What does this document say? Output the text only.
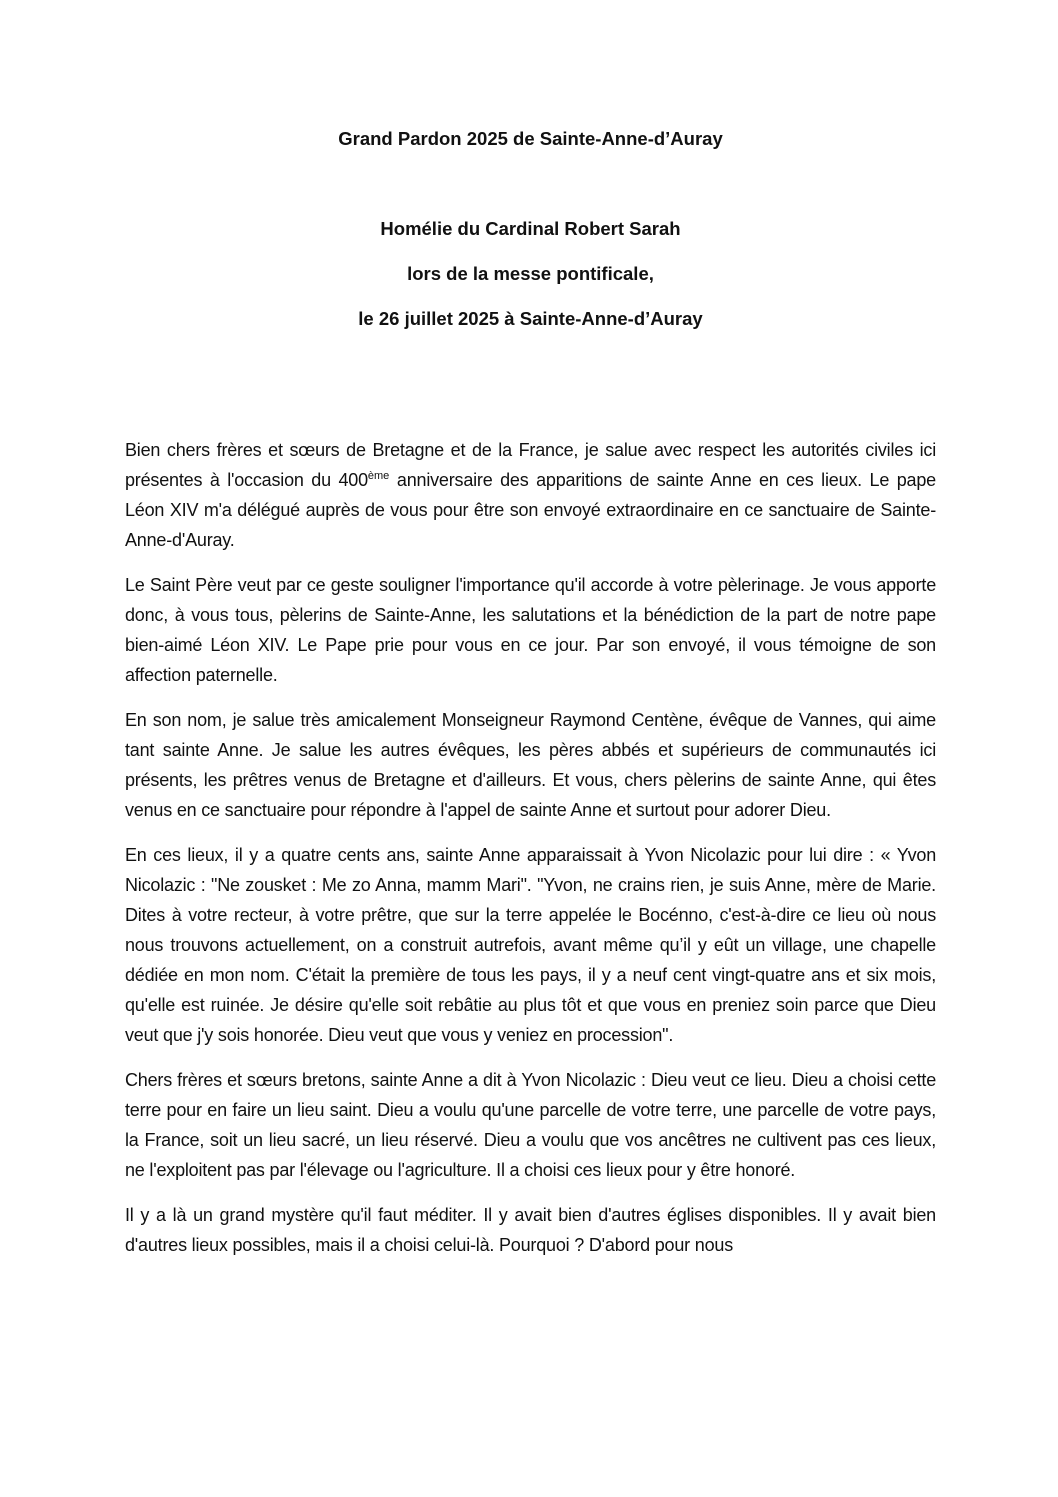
Grand Pardon 2025 de Sainte-Anne-d’Auray

Homélie du Cardinal Robert Sarah

lors de la messe pontificale,

le 26 juillet 2025 à Sainte-Anne-d’Auray

Bien chers frères et sœurs de Bretagne et de la France, je salue avec respect les autorités civiles ici présentes à l'occasion du 400ème anniversaire des apparitions de sainte Anne en ces lieux. Le pape Léon XIV m'a délégué auprès de vous pour être son envoyé extraordinaire en ce sanctuaire de Sainte-Anne-d'Auray.

Le Saint Père veut par ce geste souligner l'importance qu'il accorde à votre pèlerinage. Je vous apporte donc, à vous tous, pèlerins de Sainte-Anne, les salutations et la bénédiction de la part de notre pape bien-aimé Léon XIV. Le Pape prie pour vous en ce jour. Par son envoyé, il vous témoigne de son affection paternelle.

En son nom, je salue très amicalement Monseigneur Raymond Centène, évêque de Vannes, qui aime tant sainte Anne. Je salue les autres évêques, les pères abbés et supérieurs de communautés ici présents, les prêtres venus de Bretagne et d'ailleurs. Et vous, chers pèlerins de sainte Anne, qui êtes venus en ce sanctuaire pour répondre à l'appel de sainte Anne et surtout pour adorer Dieu.

En ces lieux, il y a quatre cents ans, sainte Anne apparaissait à Yvon Nicolazic pour lui dire : « Yvon Nicolazic : "Ne zousket : Me zo Anna, mamm Mari". "Yvon, ne crains rien, je suis Anne, mère de Marie. Dites à votre recteur, à votre prêtre, que sur la terre appelée le Bocénno, c'est-à-dire ce lieu où nous nous trouvons actuellement, on a construit autrefois, avant même qu’il y eût un village, une chapelle dédiée en mon nom. C'était la première de tous les pays, il y a neuf cent vingt-quatre ans et six mois, qu'elle est ruinée. Je désire qu'elle soit rebâtie au plus tôt et que vous en preniez soin parce que Dieu veut que j'y sois honorée. Dieu veut que vous y veniez en procession".

Chers frères et sœurs bretons, sainte Anne a dit à Yvon Nicolazic : Dieu veut ce lieu. Dieu a choisi cette terre pour en faire un lieu saint. Dieu a voulu qu'une parcelle de votre terre, une parcelle de votre pays, la France, soit un lieu sacré, un lieu réservé. Dieu a voulu que vos ancêtres ne cultivent pas ces lieux, ne l'exploitent pas par l'élevage ou l'agriculture. Il a choisi ces lieux pour y être honoré.

Il y a là un grand mystère qu'il faut méditer. Il y avait bien d'autres églises disponibles. Il y avait bien d'autres lieux possibles, mais il a choisi celui-là. Pourquoi ? D'abord pour nous
